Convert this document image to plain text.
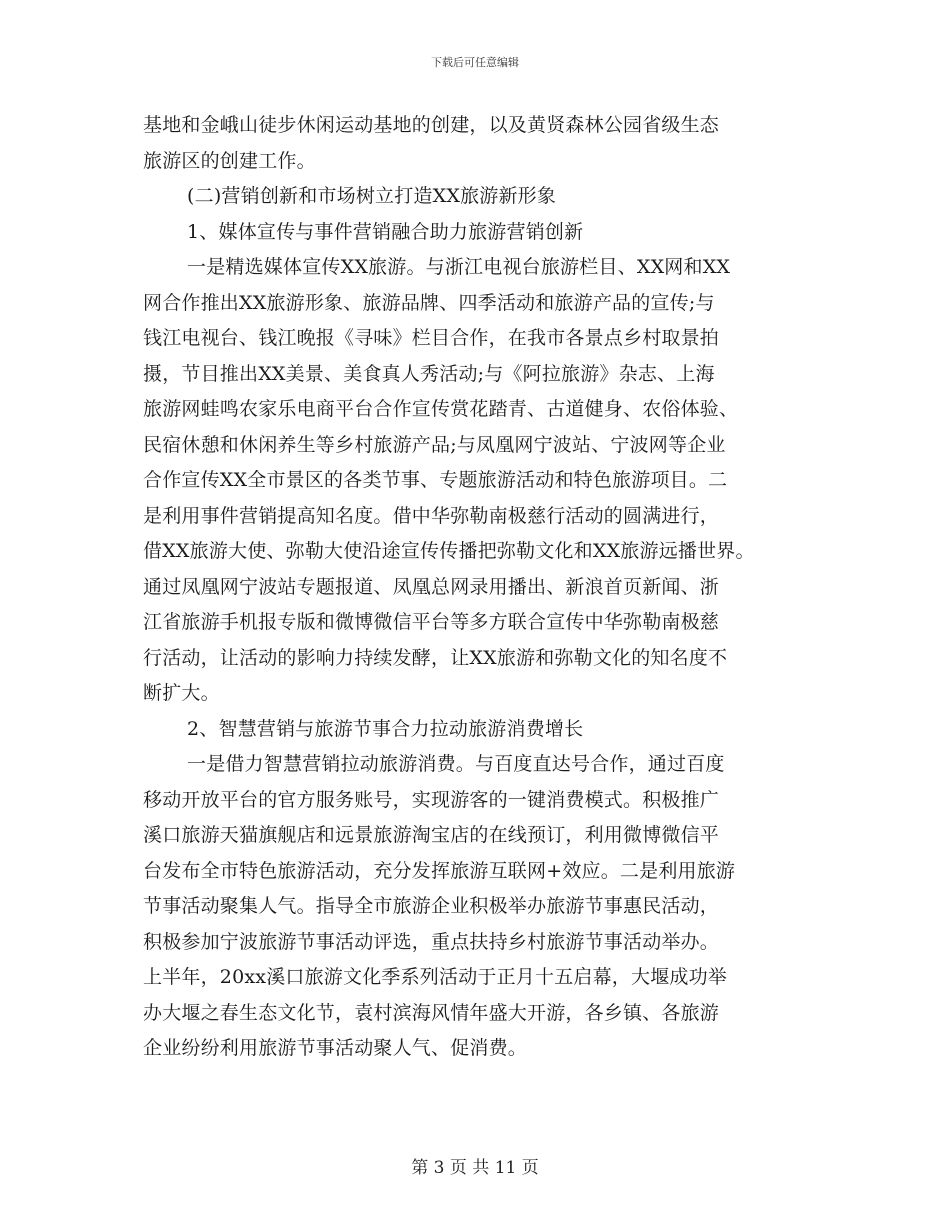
下载后可任意编辑
基地和金峨山徒步休闲运动基地的创建，以及黄贤森林公园省级生态
旅游区的创建工作。
(二)营销创新和市场树立打造XX旅游新形象
1、媒体宣传与事件营销融合助力旅游营销创新
一是精选媒体宣传XX旅游。与浙江电视台旅游栏目、XX网和XX
网合作推出XX旅游形象、旅游品牌、四季活动和旅游产品的宣传;与
钱江电视台、钱江晚报《寻味》栏目合作，在我市各景点乡村取景拍
摄，节目推出XX美景、美食真人秀活动;与《阿拉旅游》杂志、上海
旅游网蛙鸣农家乐电商平台合作宣传赏花踏青、古道健身、农俗体验、
民宿休憩和休闲养生等乡村旅游产品;与凤凰网宁波站、宁波网等企业
合作宣传XX全市景区的各类节事、专题旅游活动和特色旅游项目。二
是利用事件营销提高知名度。借中华弥勒南极慈行活动的圆满进行，
借XX旅游大使、弥勒大使沿途宣传传播把弥勒文化和XX旅游远播世界。
通过凤凰网宁波站专题报道、凤凰总网录用播出、新浪首页新闻、浙
江省旅游手机报专版和微博微信平台等多方联合宣传中华弥勒南极慈
行活动，让活动的影响力持续发酵，让XX旅游和弥勒文化的知名度不
断扩大。
2、智慧营销与旅游节事合力拉动旅游消费增长
一是借力智慧营销拉动旅游消费。与百度直达号合作，通过百度
移动开放平台的官方服务账号，实现游客的一键消费模式。积极推广
溪口旅游天猫旗舰店和远景旅游淘宝店的在线预订，利用微博微信平
台发布全市特色旅游活动，充分发挥旅游互联网+效应。二是利用旅游
节事活动聚集人气。指导全市旅游企业积极举办旅游节事惠民活动，
积极参加宁波旅游节事活动评选，重点扶持乡村旅游节事活动举办。
上半年，20xx溪口旅游文化季系列活动于正月十五启幕，大堰成功举
办大堰之春生态文化节，袁村滨海风情年盛大开游，各乡镇、各旅游
企业纷纷利用旅游节事活动聚人气、促消费。
第 3 页 共 11 页
